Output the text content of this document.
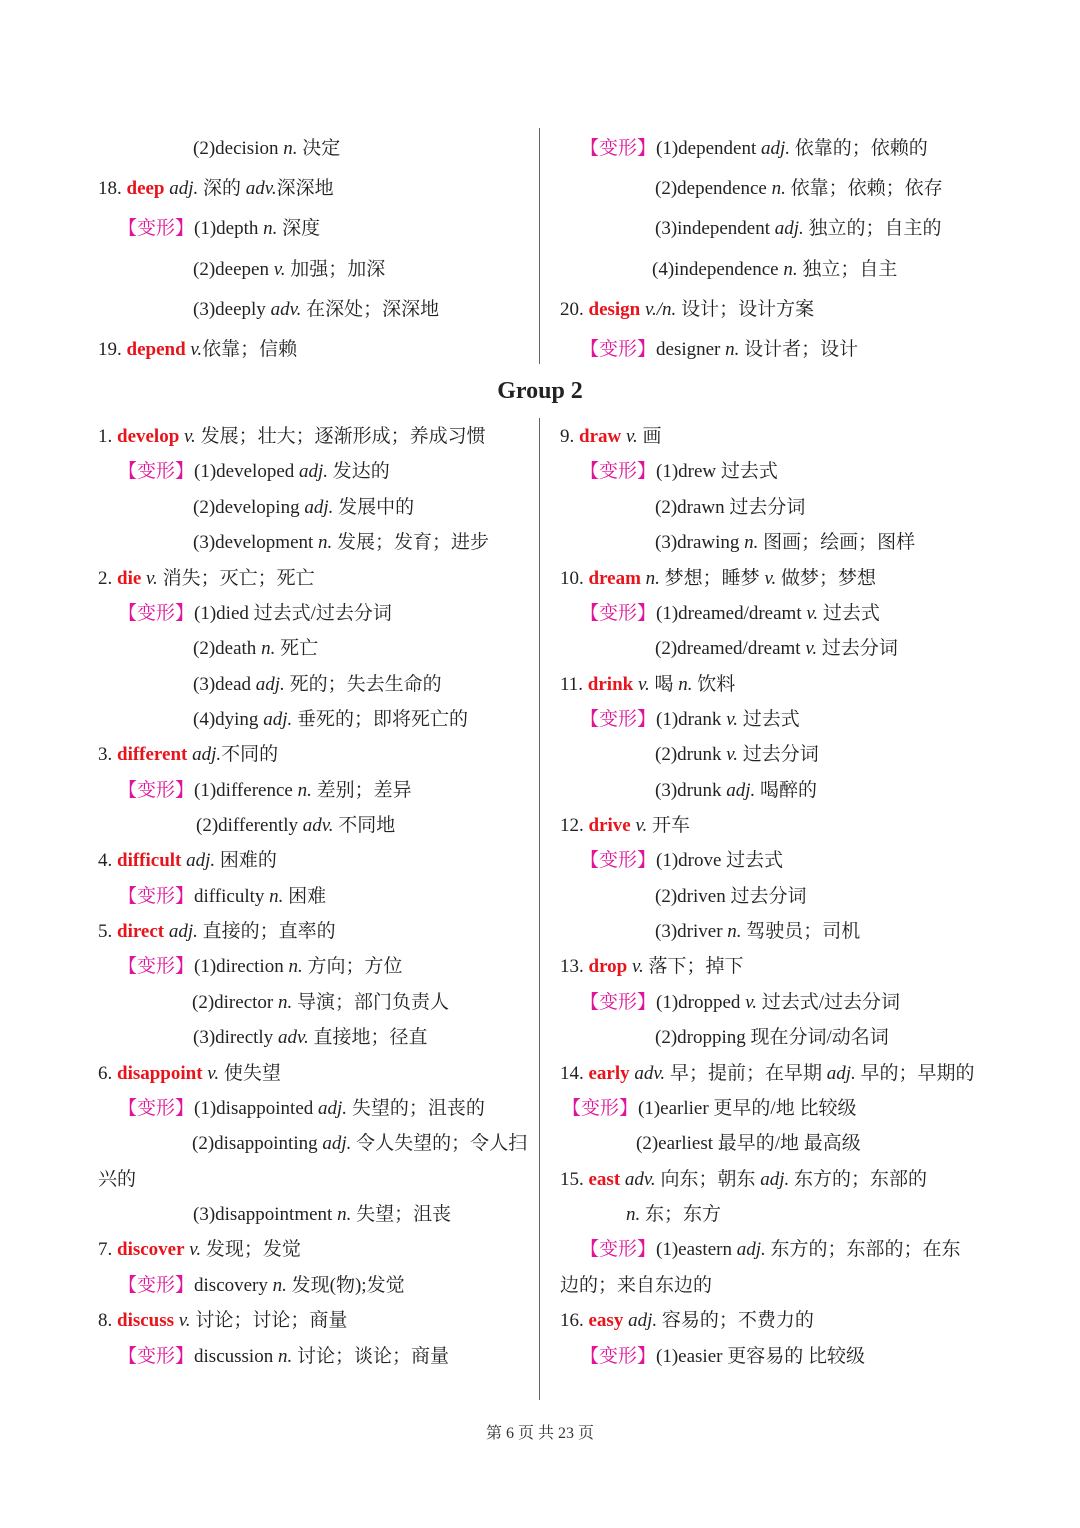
(2)decision n. 决定
18. deep adj. 深的 adv.深深地
【变形】(1)depth n. 深度
(2)deepen v. 加强；加深
(3)deeply adv. 在深处；深深地
19. depend v.依靠；信赖
【变形】(1)dependent adj. 依靠的；依赖的
(2)dependence n. 依靠；依赖；依存
(3)independent adj. 独立的；自主的
(4)independence n. 独立；自主
20. design v./n. 设计；设计方案
【变形】designer n. 设计者；设计
Group 2
1. develop v. 发展；壮大；逐渐形成；养成习惯
【变形】(1)developed adj. 发达的
(2)developing adj. 发展中的
(3)development n. 发展；发育；进步
2. die v. 消失；灭亡；死亡
【变形】(1)died 过去式/过去分词
(2)death n. 死亡
(3)dead adj. 死的；失去生命的
(4)dying adj. 垂死的；即将死亡的
3. different adj.不同的
【变形】(1)difference n. 差别；差异
(2)differently adv. 不同地
4. difficult adj. 困难的
【变形】difficulty n. 困难
5. direct adj. 直接的；直率的
【变形】(1)direction n. 方向；方位
(2)director n. 导演；部门负责人
(3)directly adv. 直接地；径直
6. disappoint v. 使失望
【变形】(1)disappointed adj. 失望的；沮丧的
(2)disappointing adj. 令人失望的；令人扫
兴的
(3)disappointment n. 失望；沮丧
7. discover v. 发现；发觉
【变形】discovery n. 发现(物);发觉
8. discuss v. 讨论；讨论；商量
【变形】discussion n. 讨论；谈论；商量
9. draw v. 画
【变形】(1)drew 过去式
(2)drawn 过去分词
(3)drawing n. 图画；绘画；图样
10. dream n. 梦想；睡梦 v. 做梦；梦想
【变形】(1)dreamed/dreamt v. 过去式
(2)dreamed/dreamt v. 过去分词
11. drink v. 喝 n. 饮料
【变形】(1)drank v. 过去式
(2)drunk v. 过去分词
(3)drunk adj. 喝醉的
12. drive v. 开车
【变形】(1)drove 过去式
(2)driven 过去分词
(3)driver n. 驾驶员；司机
13. drop v. 落下；掉下
【变形】(1)dropped v. 过去式/过去分词
(2)dropping 现在分词/动名词
14. early adv. 早；提前；在早期 adj. 早的；早期的
【变形】(1)earlier 更早的/地 比较级
(2)earliest 最早的/地 最高级
15. east adv. 向东；朝东 adj. 东方的；东部的
n. 东；东方
【变形】(1)eastern adj. 东方的；东部的；在东
边的；来自东边的
16. easy adj. 容易的；不费力的
【变形】(1)easier 更容易的 比较级
第 6 页 共 23 页
